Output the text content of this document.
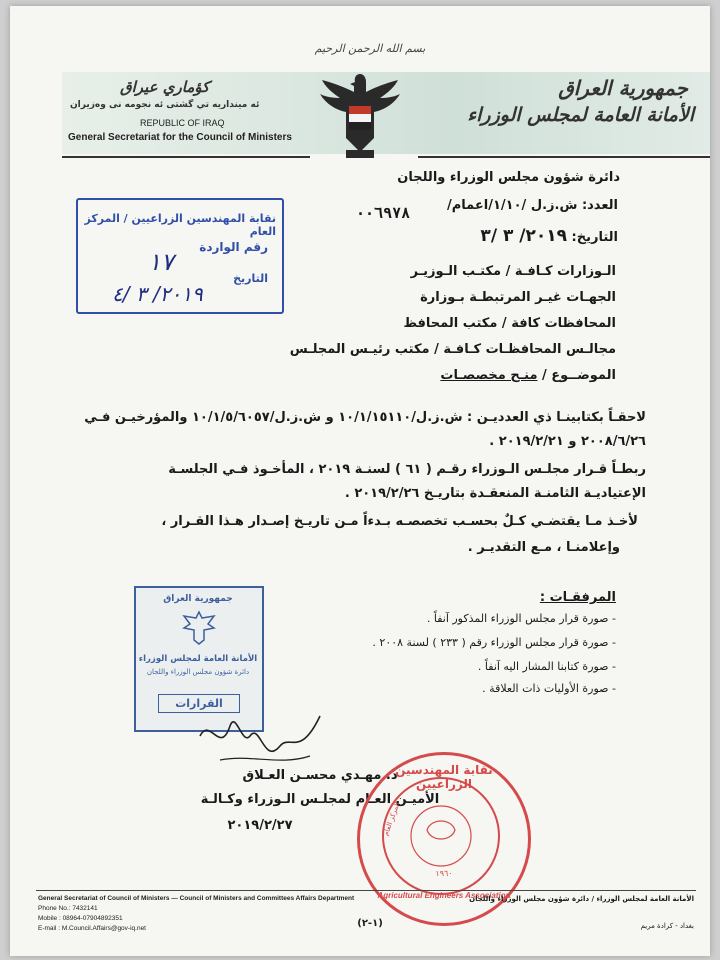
بسم الله الرحمن الرحيم
جمهورية العراق
الأمانة العامة لمجلس الوزراء
كؤماري عيراق
ئه مينداريه تي گشتى ئه نجومه نى وەزيران
REPUBLIC OF IRAQ
General Secretariat for the Council of Ministers
دائرة شؤون مجلس الوزراء واللجان
العدد: ش.ز.ل /١/١٠/اعمام/
٠٠٦٩٧٨
التاريخ: ٢٠١٩/ ٣ /٣
نقابة المهندسين الزراعيين / المركز العام
رقم الواردة
١٧
التاريخ
٢٠١٩/ ٣ /٤
الـوزارات كـافـة / مكتـب الـوزيـر
الجهـات غيـر المرتبطـة بـوزارة
المحافظات كافة / مكتب المحافظ
مجالـس المحافظـات كـافـة / مكتب رئيـس المجلـس
الموضــوع / منـح مخصصـات
لاحقـاً بكتابينـا ذي العدديـن : ش.ز.ل/١٠/١/١٥١١٠ و ش.ز.ل/١٠/١/٥/٦٠٥٧ والمؤرخيـن فـي
٢٠٠٨/٦/٢٦ و ٢٠١٩/٢/٢١ .
ربطـاً قـرار مجلـس الـوزراء رقـم ( ٦١ ) لسنـة ٢٠١٩ ، المأخـوذ فـي الجلسـة
الإعتياديـة الثامنـة المنعقـدة بتاريـخ ٢٠١٩/٢/٢٦ .
لأخـذ مـا يقتضـي كـلٌ بحسـب تخصصـه بـدءاً مـن تاريـخ إصـدار هـذا القـرار ،
وإعلامنـا ، مـع التقديـر .
المرفقـات :
- صورة قرار مجلس الوزراء المذكور آنفاً .
- صورة قرار مجلس الوزراء رقم ( ٢٣٣ ) لسنة ٢٠٠٨ .
- صورة كتابنا المشار اليه آنفاً .
- صورة الأوليات ذات العلاقة .
جمهورية العراق
الأمانة العامة لمجلس الوزراء
دائرة شؤون مجلس الوزراء واللجان
القرارات
د. مهـدي محسـن العـلاق
الأميـن العـام لمجلـس الـوزراء وكـالـة
٢٠١٩/٢/٢٧
نقابة المهندسين الزراعيين
المركز العام
١٩٦٠
Agricultural Engineers Association
General Secretariat of Council of Ministers — Council of Ministers and Committees Affairs Department
Phone No.: 7432141
Mobile : 08964-07904892351
E-mail : M.Council.Affairs@gov-iq.net
الأمانة العامة لمجلس الوزراء / دائرة شؤون مجلس الوزراء واللجان
بغداد - كرادة مريم
(١-٢)
